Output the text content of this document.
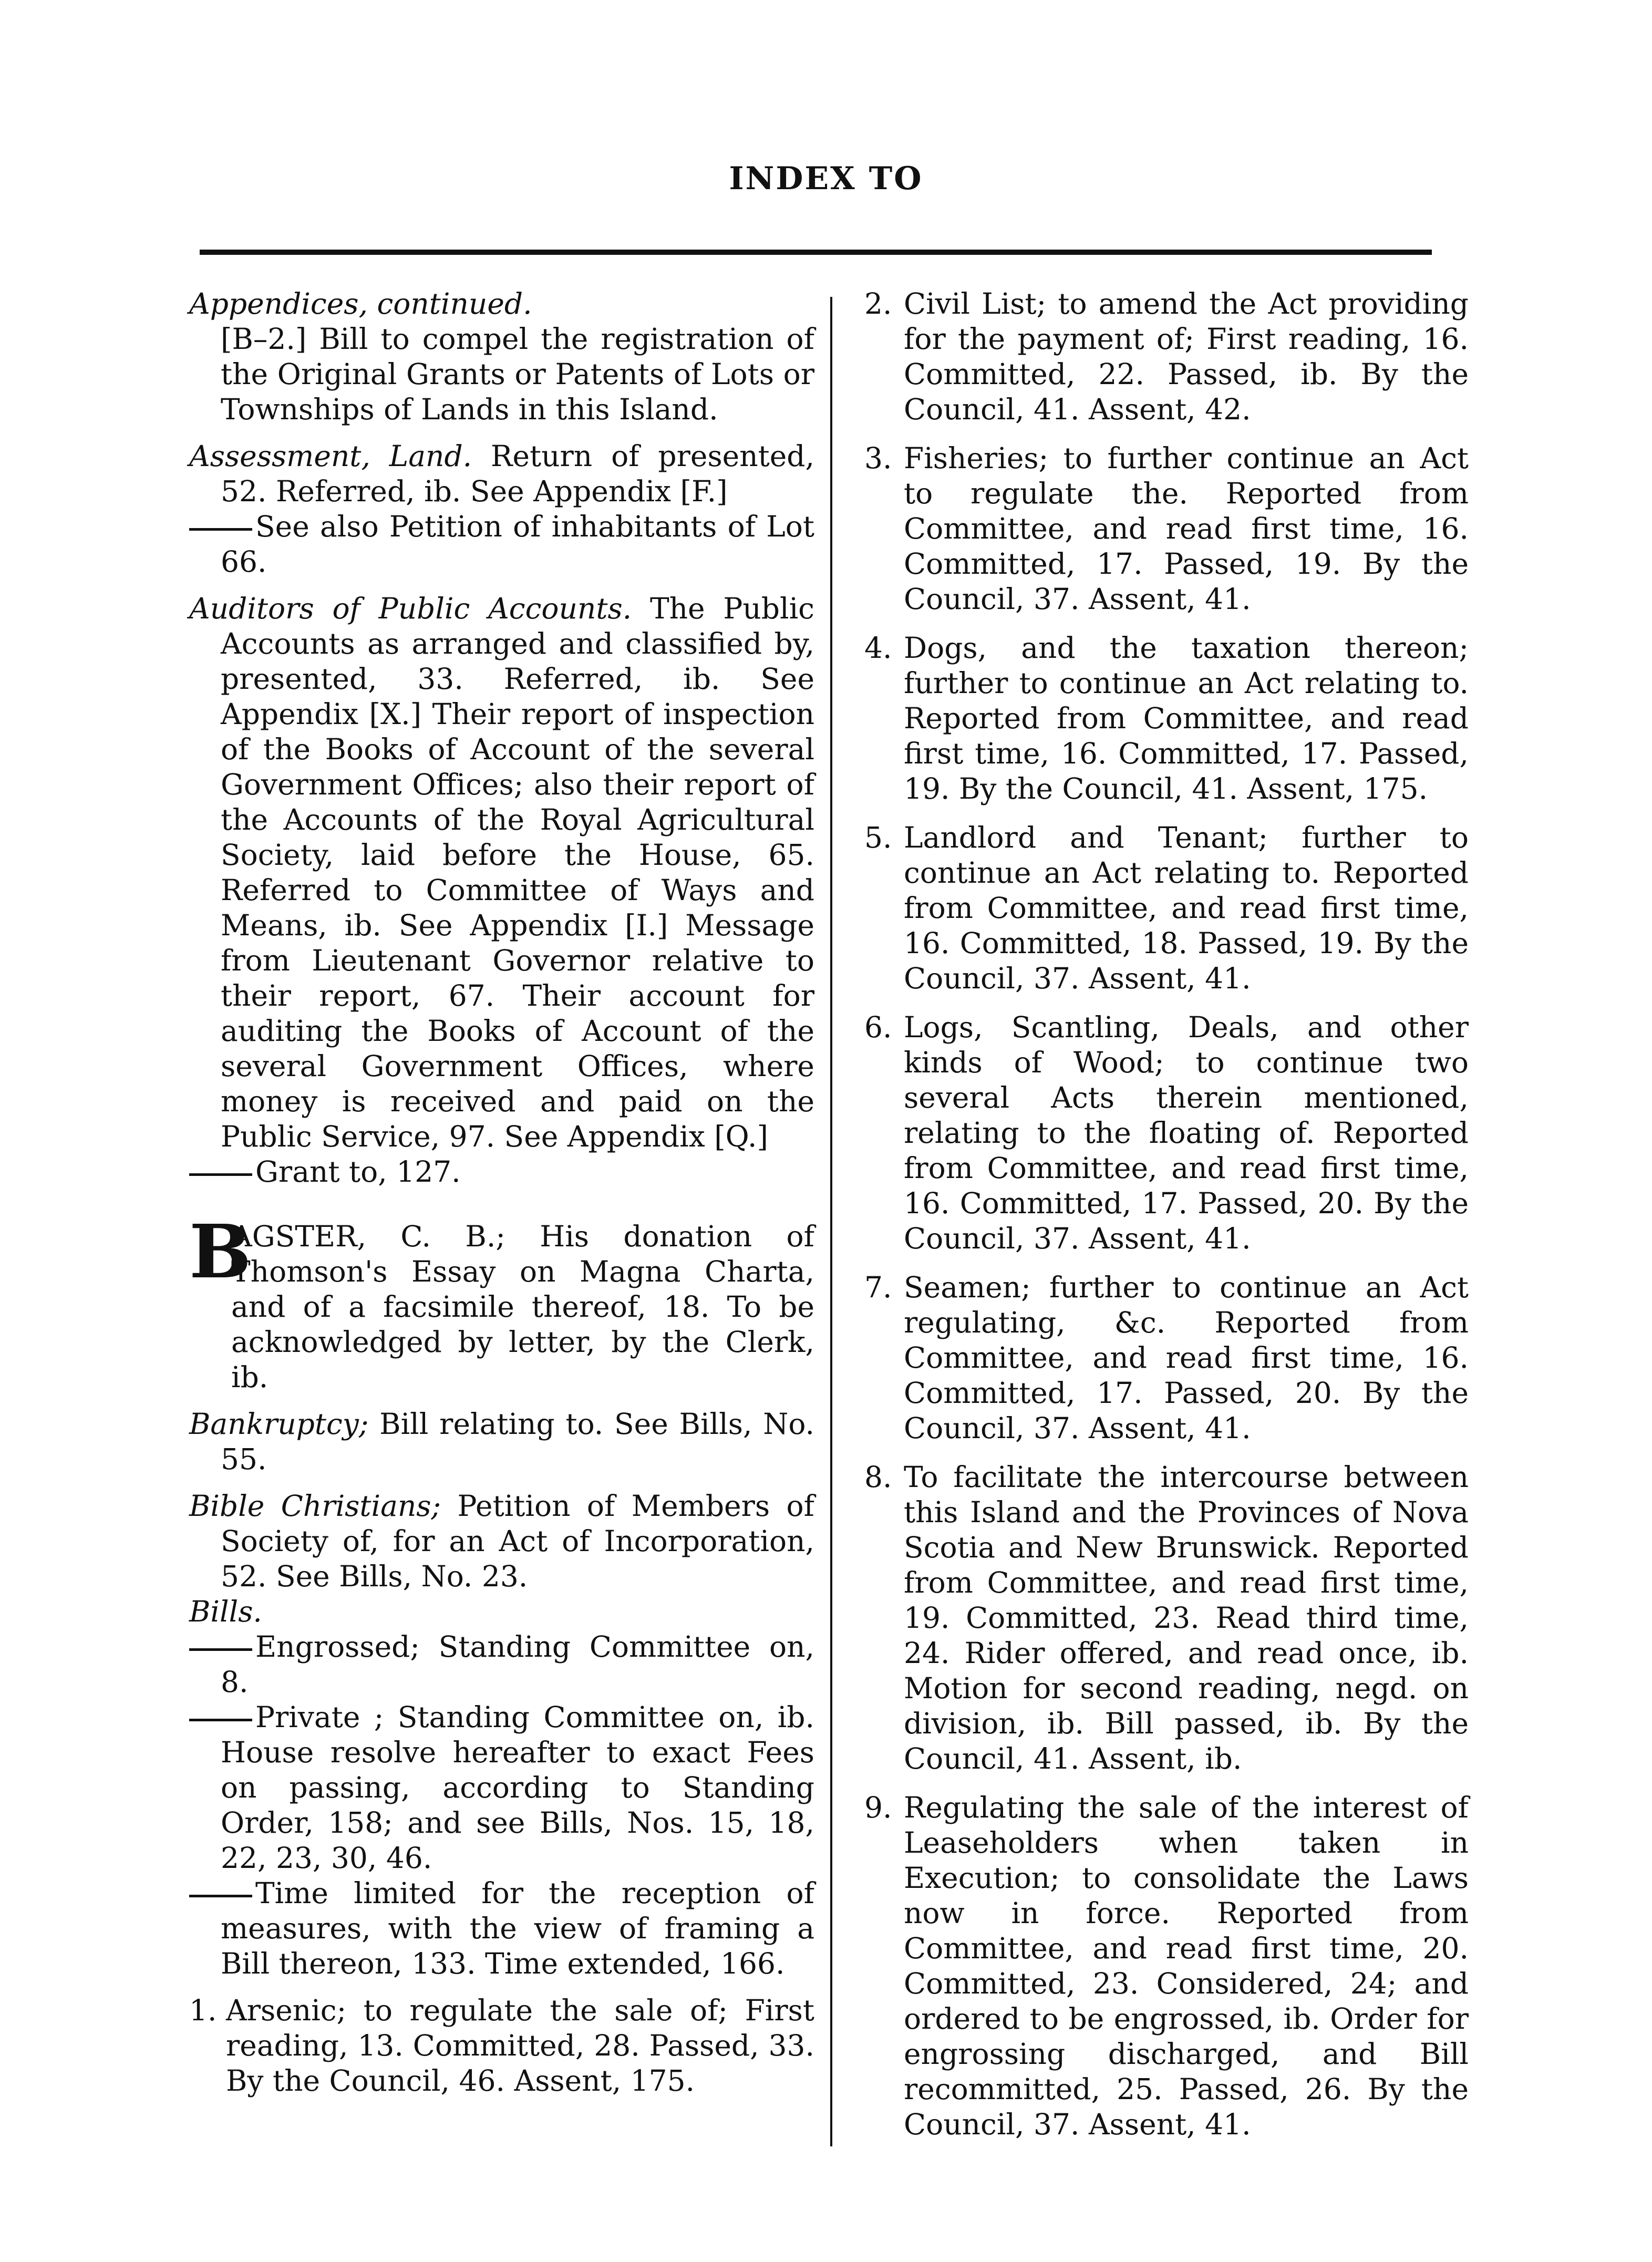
INDEX TO
Appendices, continued.
[B–2.] Bill to compel the registration of the Original Grants or Patents of Lots or Townships of Lands in this Island.
Assessment, Land. Return of presented, 52. Referred, ib. See Appendix [F.]
See also Petition of inhabitants of Lot 66.
Auditors of Public Accounts. The Public Accounts as arranged and classified by, presented, 33. Referred, ib. See Appendix [X.] Their report of inspection of the Books of Account of the several Government Offices; also their report of the Accounts of the Royal Agricultural Society, laid before the House, 65. Referred to Committee of Ways and Means, ib. See Appendix [I.] Message from Lieutenant Governor relative to their report, 67. Their account for auditing the Books of Account of the several Government Offices, where money is received and paid on the Public Service, 97. See Appendix [Q.]
Grant to, 127.
B
AGSTER, C. B.; His donation of Thomson's Essay on Magna Charta, and of a facsimile thereof, 18. To be acknowledged by letter, by the Clerk, ib.
Bankruptcy; Bill relating to. See Bills, No. 55.
Bible Christians; Petition of Members of Society of, for an Act of Incorporation, 52. See Bills, No. 23.
Bills.
Engrossed; Standing Committee on, 8.
Private ; Standing Committee on, ib. House resolve hereafter to exact Fees on passing, according to Standing Order, 158; and see Bills, Nos. 15, 18, 22, 23, 30, 46.
Time limited for the reception of measures, with the view of framing a Bill thereon, 133. Time extended, 166.
1. Arsenic; to regulate the sale of; First reading, 13. Committed, 28. Passed, 33. By the Council, 46. Assent, 175.
2. Civil List; to amend the Act providing for the payment of; First reading, 16. Committed, 22. Passed, ib. By the Council, 41. Assent, 42.
3. Fisheries; to further continue an Act to regulate the. Reported from Committee, and read first time, 16. Committed, 17. Passed, 19. By the Council, 37. Assent, 41.
4. Dogs, and the taxation thereon; further to continue an Act relating to. Reported from Committee, and read first time, 16. Committed, 17. Passed, 19. By the Council, 41. Assent, 175.
5. Landlord and Tenant; further to continue an Act relating to. Reported from Committee, and read first time, 16. Committed, 18. Passed, 19. By the Council, 37. Assent, 41.
6. Logs, Scantling, Deals, and other kinds of Wood; to continue two several Acts therein mentioned, relating to the floating of. Reported from Committee, and read first time, 16. Committed, 17. Passed, 20. By the Council, 37. Assent, 41.
7. Seamen; further to continue an Act regulating, &c. Reported from Committee, and read first time, 16. Committed, 17. Passed, 20. By the Council, 37. Assent, 41.
8. To facilitate the intercourse between this Island and the Provinces of Nova Scotia and New Brunswick. Reported from Committee, and read first time, 19. Committed, 23. Read third time, 24. Rider offered, and read once, ib. Motion for second reading, negd. on division, ib. Bill passed, ib. By the Council, 41. Assent, ib.
9. Regulating the sale of the interest of Leaseholders when taken in Execution; to consolidate the Laws now in force. Reported from Committee, and read first time, 20. Committed, 23. Considered, 24; and ordered to be engrossed, ib. Order for engrossing discharged, and Bill recommitted, 25. Passed, 26. By the Council, 37. Assent, 41.
